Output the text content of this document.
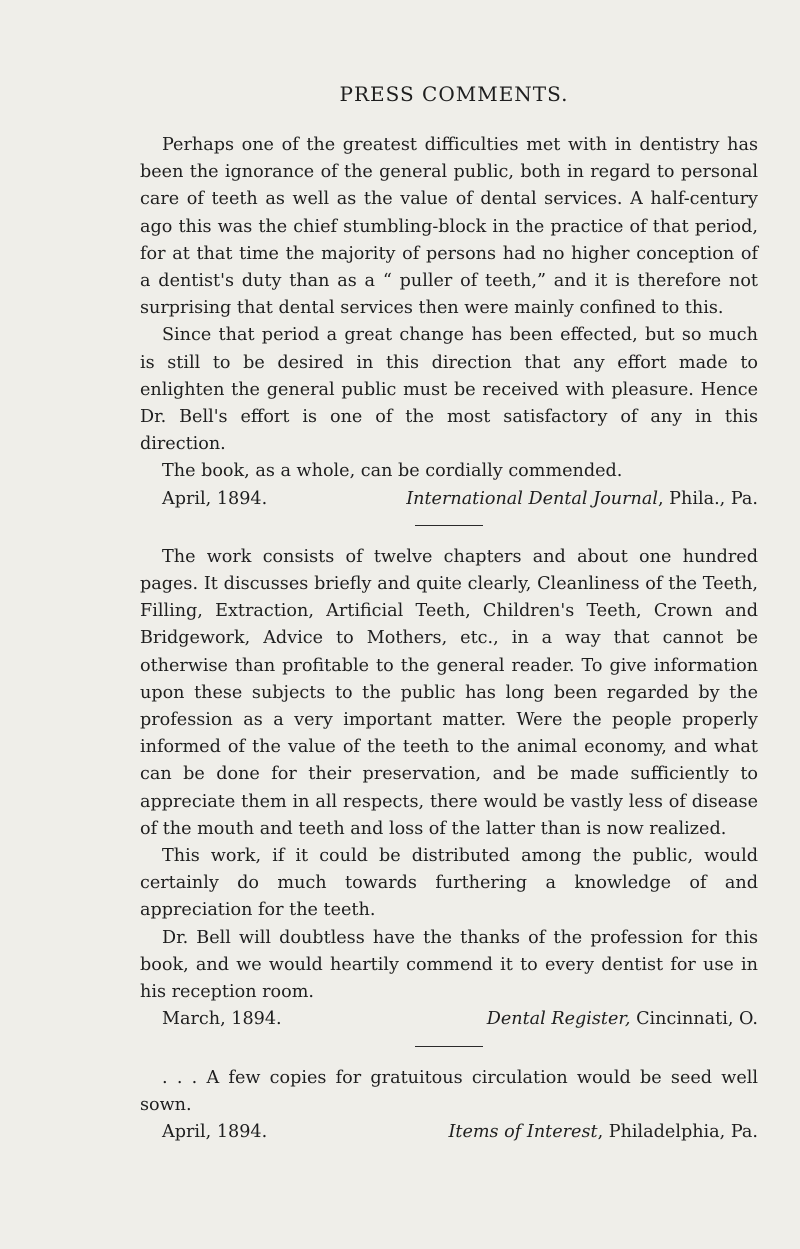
PRESS COMMENTS.

Perhaps one of the greatest difficulties met with in dentistry has been the ignorance of the general public, both in regard to personal care of teeth as well as the value of dental services. A half-century ago this was the chief stumbling-block in the practice of that period, for at that time the majority of persons had no higher conception of a dentist's duty than as a “ puller of teeth,” and it is therefore not surprising that dental services then were mainly confined to this.

Since that period a great change has been effected, but so much is still to be desired in this direction that any effort made to enlighten the general public must be received with pleasure. Hence Dr. Bell's effort is one of the most satisfactory of any in this direction.

The book, as a whole, can be cordially commended.

April, 1894.	International Dental Journal, Phila., Pa.

The work consists of twelve chapters and about one hundred pages. It discusses briefly and quite clearly, Cleanliness of the Teeth, Filling, Extraction, Artificial Teeth, Children's Teeth, Crown and Bridgework, Advice to Mothers, etc., in a way that cannot be otherwise than profitable to the general reader. To give information upon these subjects to the public has long been regarded by the profession as a very important matter. Were the people properly informed of the value of the teeth to the animal economy, and what can be done for their preservation, and be made sufficiently to appreciate them in all respects, there would be vastly less of disease of the mouth and teeth and loss of the latter than is now realized.

This work, if it could be distributed among the public, would certainly do much towards furthering a knowledge of and appreciation for the teeth.

Dr. Bell will doubtless have the thanks of the profession for this book, and we would heartily commend it to every dentist for use in his reception room.

March, 1894.	Dental Register, Cincinnati, O.

. . . A few copies for gratuitous circulation would be seed well sown.

April, 1894.	Items of Interest, Philadelphia, Pa.
